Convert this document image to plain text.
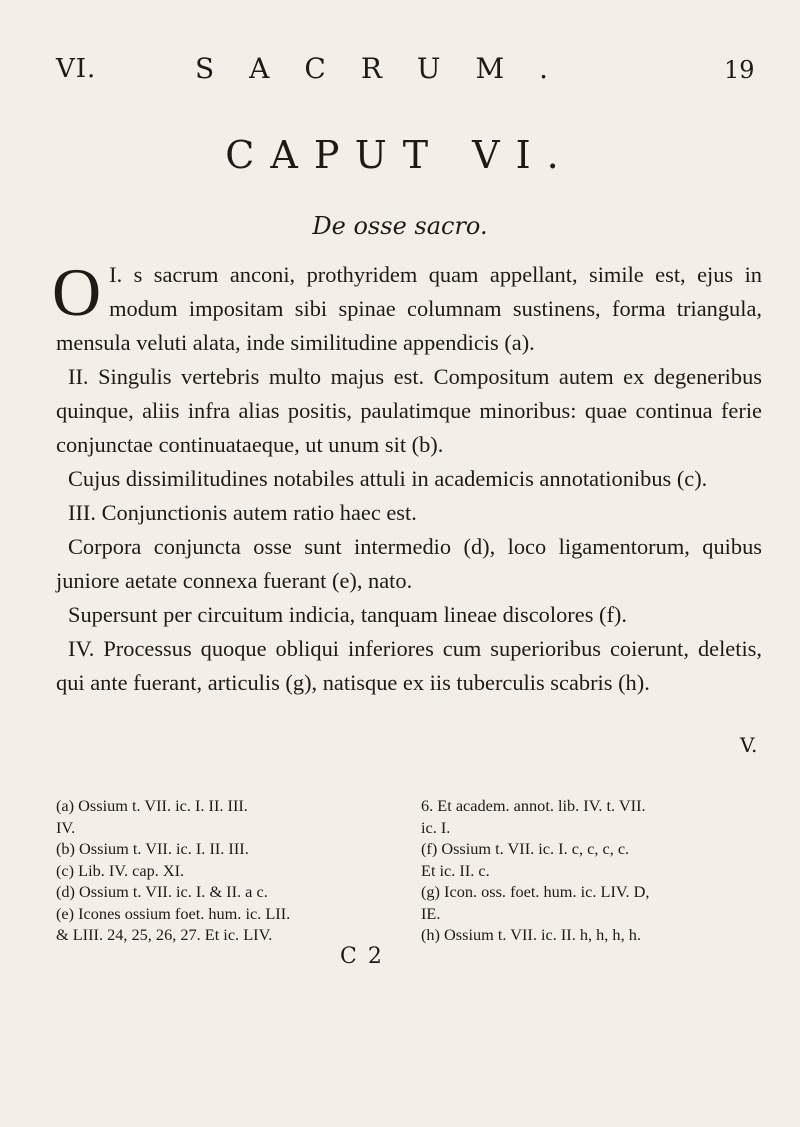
VI.	SACRUM.	19
CAPUT VI.
De osse sacro.

I.
O s sacrum anconi, prothyridem quam appellant, simile est, ejus in modum impositam sibi spinae columnam sustinens, forma triangula, mensula veluti alata, inde similitudine appendicis (a).

II. Singulis vertebris multo majus est. Compositum autem ex degeneribus quinque, aliis infra alias positis, paulatimque minoribus: quae continua ferie conjunctae continuataeque, ut unum sit (b).

Cujus dissimilitudines notabiles attuli in academicis annotationibus (c).

III. Conjunctionis autem ratio haec est.

Corpora conjuncta osse sunt intermedio (d), loco ligamentorum, quibus juniore aetate connexa fuerant (e), nato.

Supersunt per circuitum indicia, tanquam lineae discolores (f).

IV. Processus quoque obliqui inferiores cum superioribus coierunt, deletis, qui ante fuerant, articulis (g), natisque ex iis tuberculis scabris (h).

V.

(a) Ossium t. VII. ic. I. II. III.

IV.

(b) Ossium t. VII. ic. I. II. III.

(c) Lib. IV. cap. XI.

(d) Ossium t. VII. ic. I. & II. a c.

(e) Icones ossium foet. hum. ic. LII.

& LIII. 24, 25, 26, 27. Et ic. LIV.

6. Et academ. annot. lib. IV. t. VII.

ic. I.

(f) Ossium t. VII. ic. I. c, c, c, c.

Et ic. II. c.

(g) Icon. oss. foet. hum. ic. LIV. D,

IE.

(h) Ossium t. VII. ic. II. h, h, h, h.

C 2
